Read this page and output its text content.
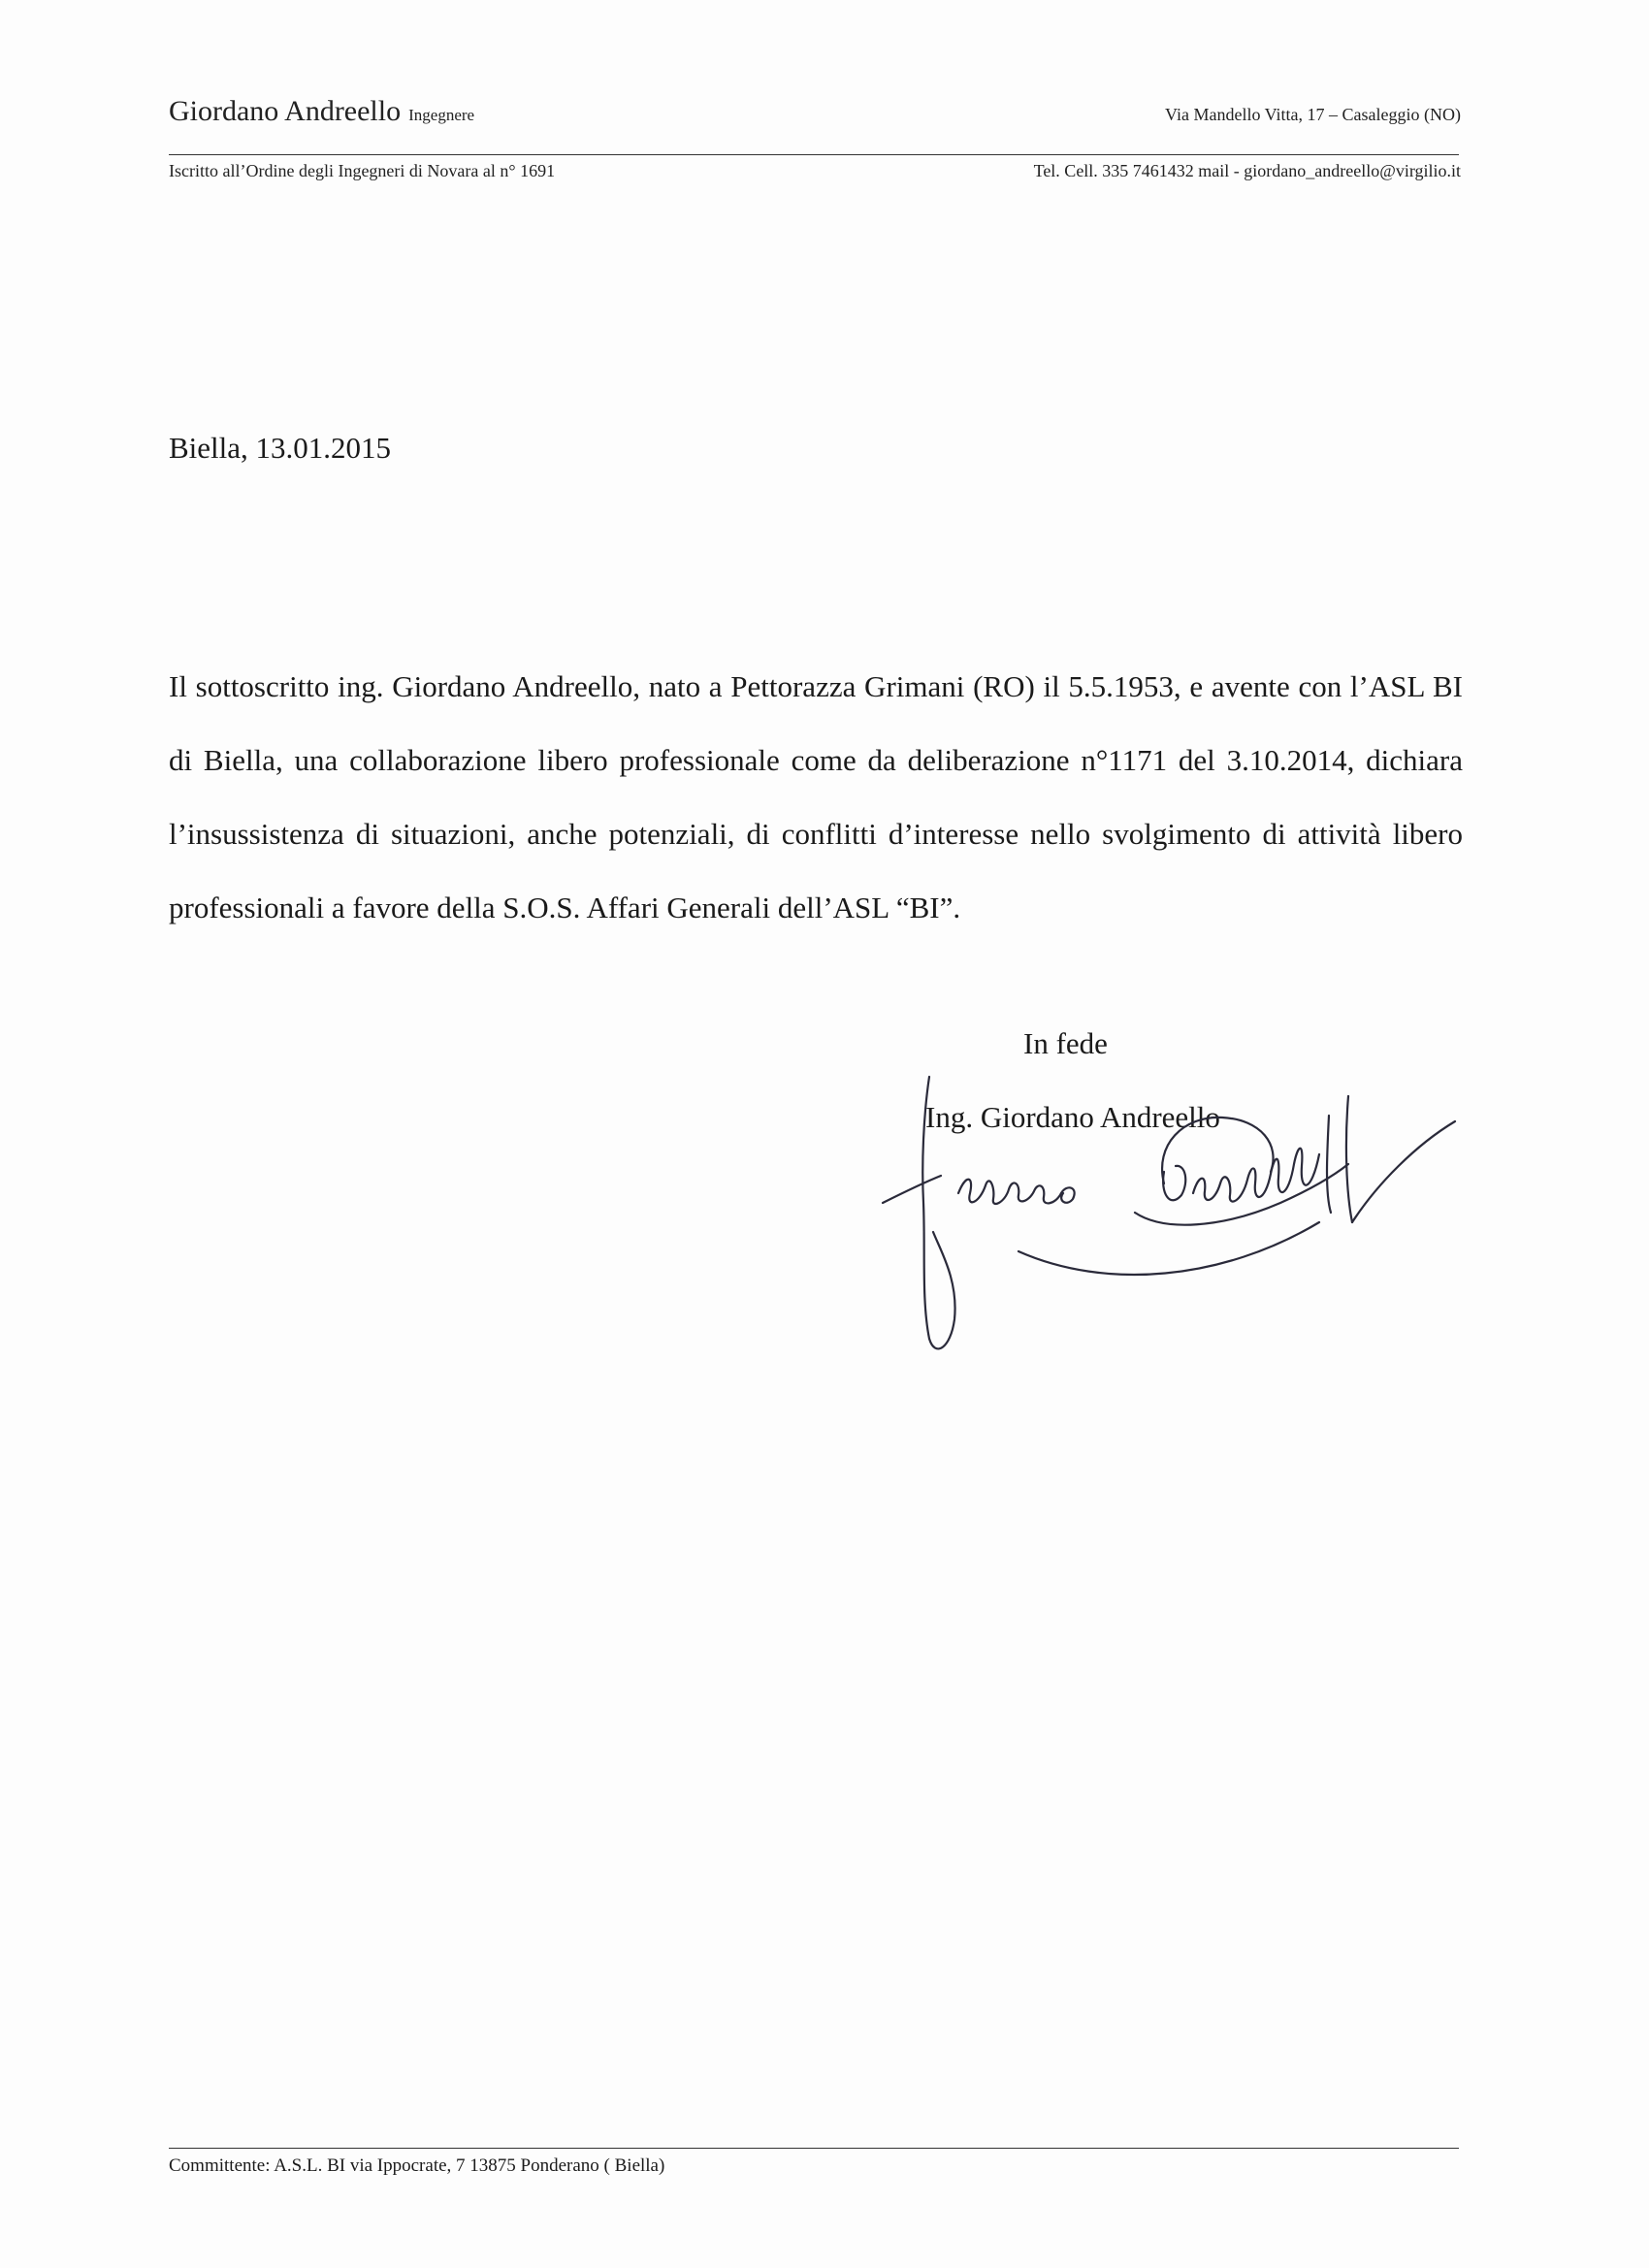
Giordano Andreello Ingegnere	Via Mandello Vitta, 17 – Casaleggio (NO)
Iscritto all’Ordine degli Ingegneri di Novara al n° 1691	Tel. Cell. 335 7461432 mail - giordano_andreello@virgilio.it
Biella, 13.01.2015

Il sottoscritto ing. Giordano Andreello, nato a Pettorazza Grimani (RO) il 5.5.1953, e avente con l’ASL BI di Biella, una collaborazione libero professionale come da deliberazione n°1171 del 3.10.2014, dichiara l’insussistenza di situazioni, anche potenziali, di conflitti d’interesse nello svolgimento di attività libero professionali a favore della S.O.S. Affari Generali dell’ASL “BI”.

In fede
Ing. Giordano Andreello
Committente: A.S.L. BI via Ippocrate, 7 13875 Ponderano ( Biella)
